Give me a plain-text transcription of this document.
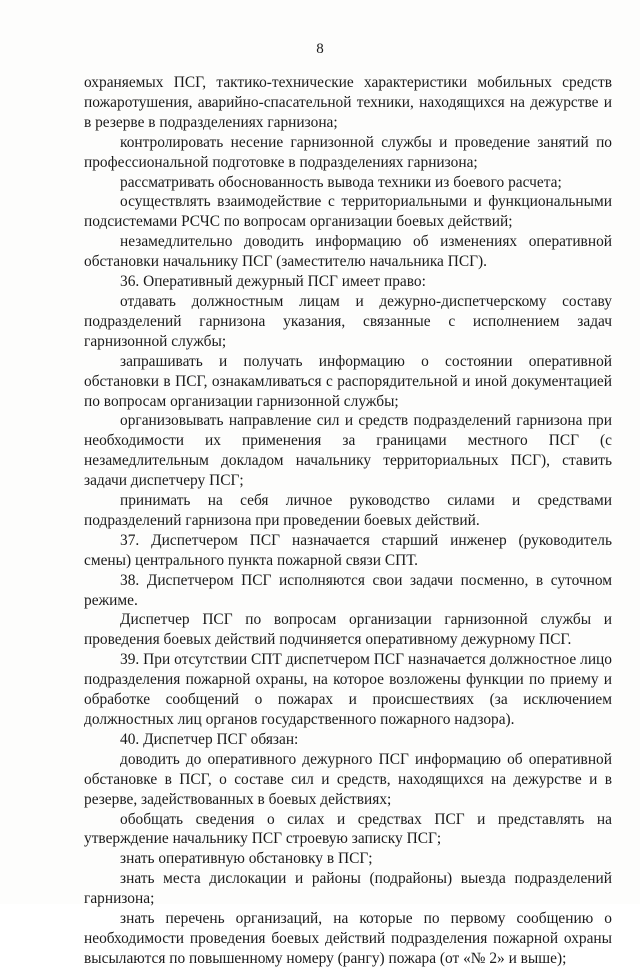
8

охраняемых ПСГ, тактико-технические характеристики мобильных средств пожаротушения, аварийно-спасательной техники, находящихся на дежурстве и в резерве в подразделениях гарнизона;

контролировать несение гарнизонной службы и проведение занятий по профессиональной подготовке в подразделениях гарнизона;

рассматривать обоснованность вывода техники из боевого расчета;

осуществлять взаимодействие с территориальными и функциональными подсистемами РСЧС по вопросам организации боевых действий;

незамедлительно доводить информацию об изменениях оперативной обстановки начальнику ПСГ (заместителю начальника ПСГ).

36. Оперативный дежурный ПСГ имеет право:

отдавать должностным лицам и дежурно-диспетчерскому составу подразделений гарнизона указания, связанные с исполнением задач гарнизонной службы;

запрашивать и получать информацию о состоянии оперативной обстановки в ПСГ, ознакамливаться с распорядительной и иной документацией по вопросам организации гарнизонной службы;

организовывать направление сил и средств подразделений гарнизона при необходимости их применения за границами местного ПСГ (с незамедлительным докладом начальнику территориальных ПСГ), ставить задачи диспетчеру ПСГ;

принимать на себя личное руководство силами и средствами подразделений гарнизона при проведении боевых действий.

37. Диспетчером ПСГ назначается старший инженер (руководитель смены) центрального пункта пожарной связи СПТ.

38. Диспетчером ПСГ исполняются свои задачи посменно, в суточном режиме.

Диспетчер ПСГ по вопросам организации гарнизонной службы и проведения боевых действий подчиняется оперативному дежурному ПСГ.

39. При отсутствии СПТ диспетчером ПСГ назначается должностное лицо подразделения пожарной охраны, на которое возложены функции по приему и обработке сообщений о пожарах и происшествиях (за исключением должностных лиц органов государственного пожарного надзора).

40. Диспетчер ПСГ обязан:

доводить до оперативного дежурного ПСГ информацию об оперативной обстановке в ПСГ, о составе сил и средств, находящихся на дежурстве и в резерве, задействованных в боевых действиях;

обобщать сведения о силах и средствах ПСГ и представлять на утверждение начальнику ПСГ строевую записку ПСГ;

знать оперативную обстановку в ПСГ;

знать места дислокации и районы (подрайоны) выезда подразделений гарнизона;

знать перечень организаций, на которые по первому сообщению о необходимости проведения боевых действий подразделения пожарной охраны высылаются по повышенному номеру (рангу) пожара (от «№ 2» и выше);
